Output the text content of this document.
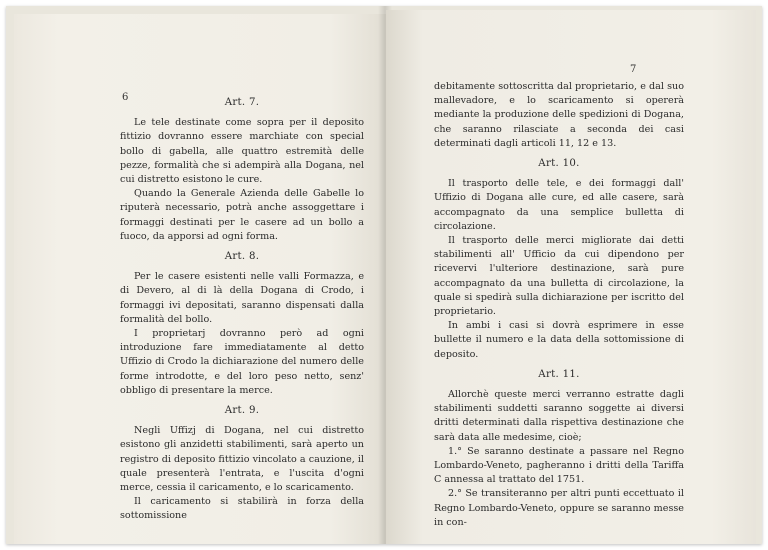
6	Art. 7.

Le tele destinate come sopra per il deposito fittizio dovranno essere marchiate con special bollo di gabella, alle quattro estremità delle pezze, formalità che si adempirà alla Dogana, nel cui distretto esistono le cure.

Quando la Generale Azienda delle Gabelle lo riputerà necessario, potrà anche assoggettare i formaggi destinati per le casere ad un bollo a fuoco, da apporsi ad ogni forma.

Art. 8.

Per le casere esistenti nelle valli Formazza, e di Devero, al di là della Dogana di Crodo, i formaggi ivi depositati, saranno dispensati dalla formalità del bollo.

I proprietarj dovranno però ad ogni introduzione fare immediatamente al detto Uffizio di Crodo la dichiarazione del numero delle forme introdotte, e del loro peso netto, senz' obbligo di presentare la merce.

Art. 9.

Negli Uffizj di Dogana, nel cui distretto esistono gli anzidetti stabilimenti, sarà aperto un registro di deposito fittizio vincolato a cauzione, il quale presenterà l'entrata, e l'uscita d'ogni merce, cessia il caricamento, e lo scaricamento.

Il caricamento si stabilirà in forza della sottomissione

7

debitamente sottoscritta dal proprietario, e dal suo mallevadore, e lo scaricamento si opererà mediante la produzione delle spedizioni di Dogana, che saranno rilasciate a seconda dei casi determinati dagli articoli 11, 12 e 13.

Art. 10.

Il trasporto delle tele, e dei formaggi dall' Uffizio di Dogana alle cure, ed alle casere, sarà accompagnato da una semplice bulletta di circolazione.

Il trasporto delle merci migliorate dai detti stabilimenti all' Ufficio da cui dipendono per ricevervi l'ulteriore destinazione, sarà pure accompagnato da una bulletta di circolazione, la quale si spedirà sulla dichiarazione per iscritto del proprietario.

In ambi i casi si dovrà esprimere in esse bullette il numero e la data della sottomissione di deposito.

Art. 11.

Allorchè queste merci verranno estratte dagli stabilimenti suddetti saranno soggette ai diversi dritti determinati dalla rispettiva destinazione che sarà data alle medesime, cioè;

1.° Se saranno destinate a passare nel Regno Lombardo-Veneto, pagheranno i dritti della Tariffa C annessa al trattato del 1751.

2.° Se transiteranno per altri punti eccettuato il Regno Lombardo-Veneto, oppure se saranno messe in con-
